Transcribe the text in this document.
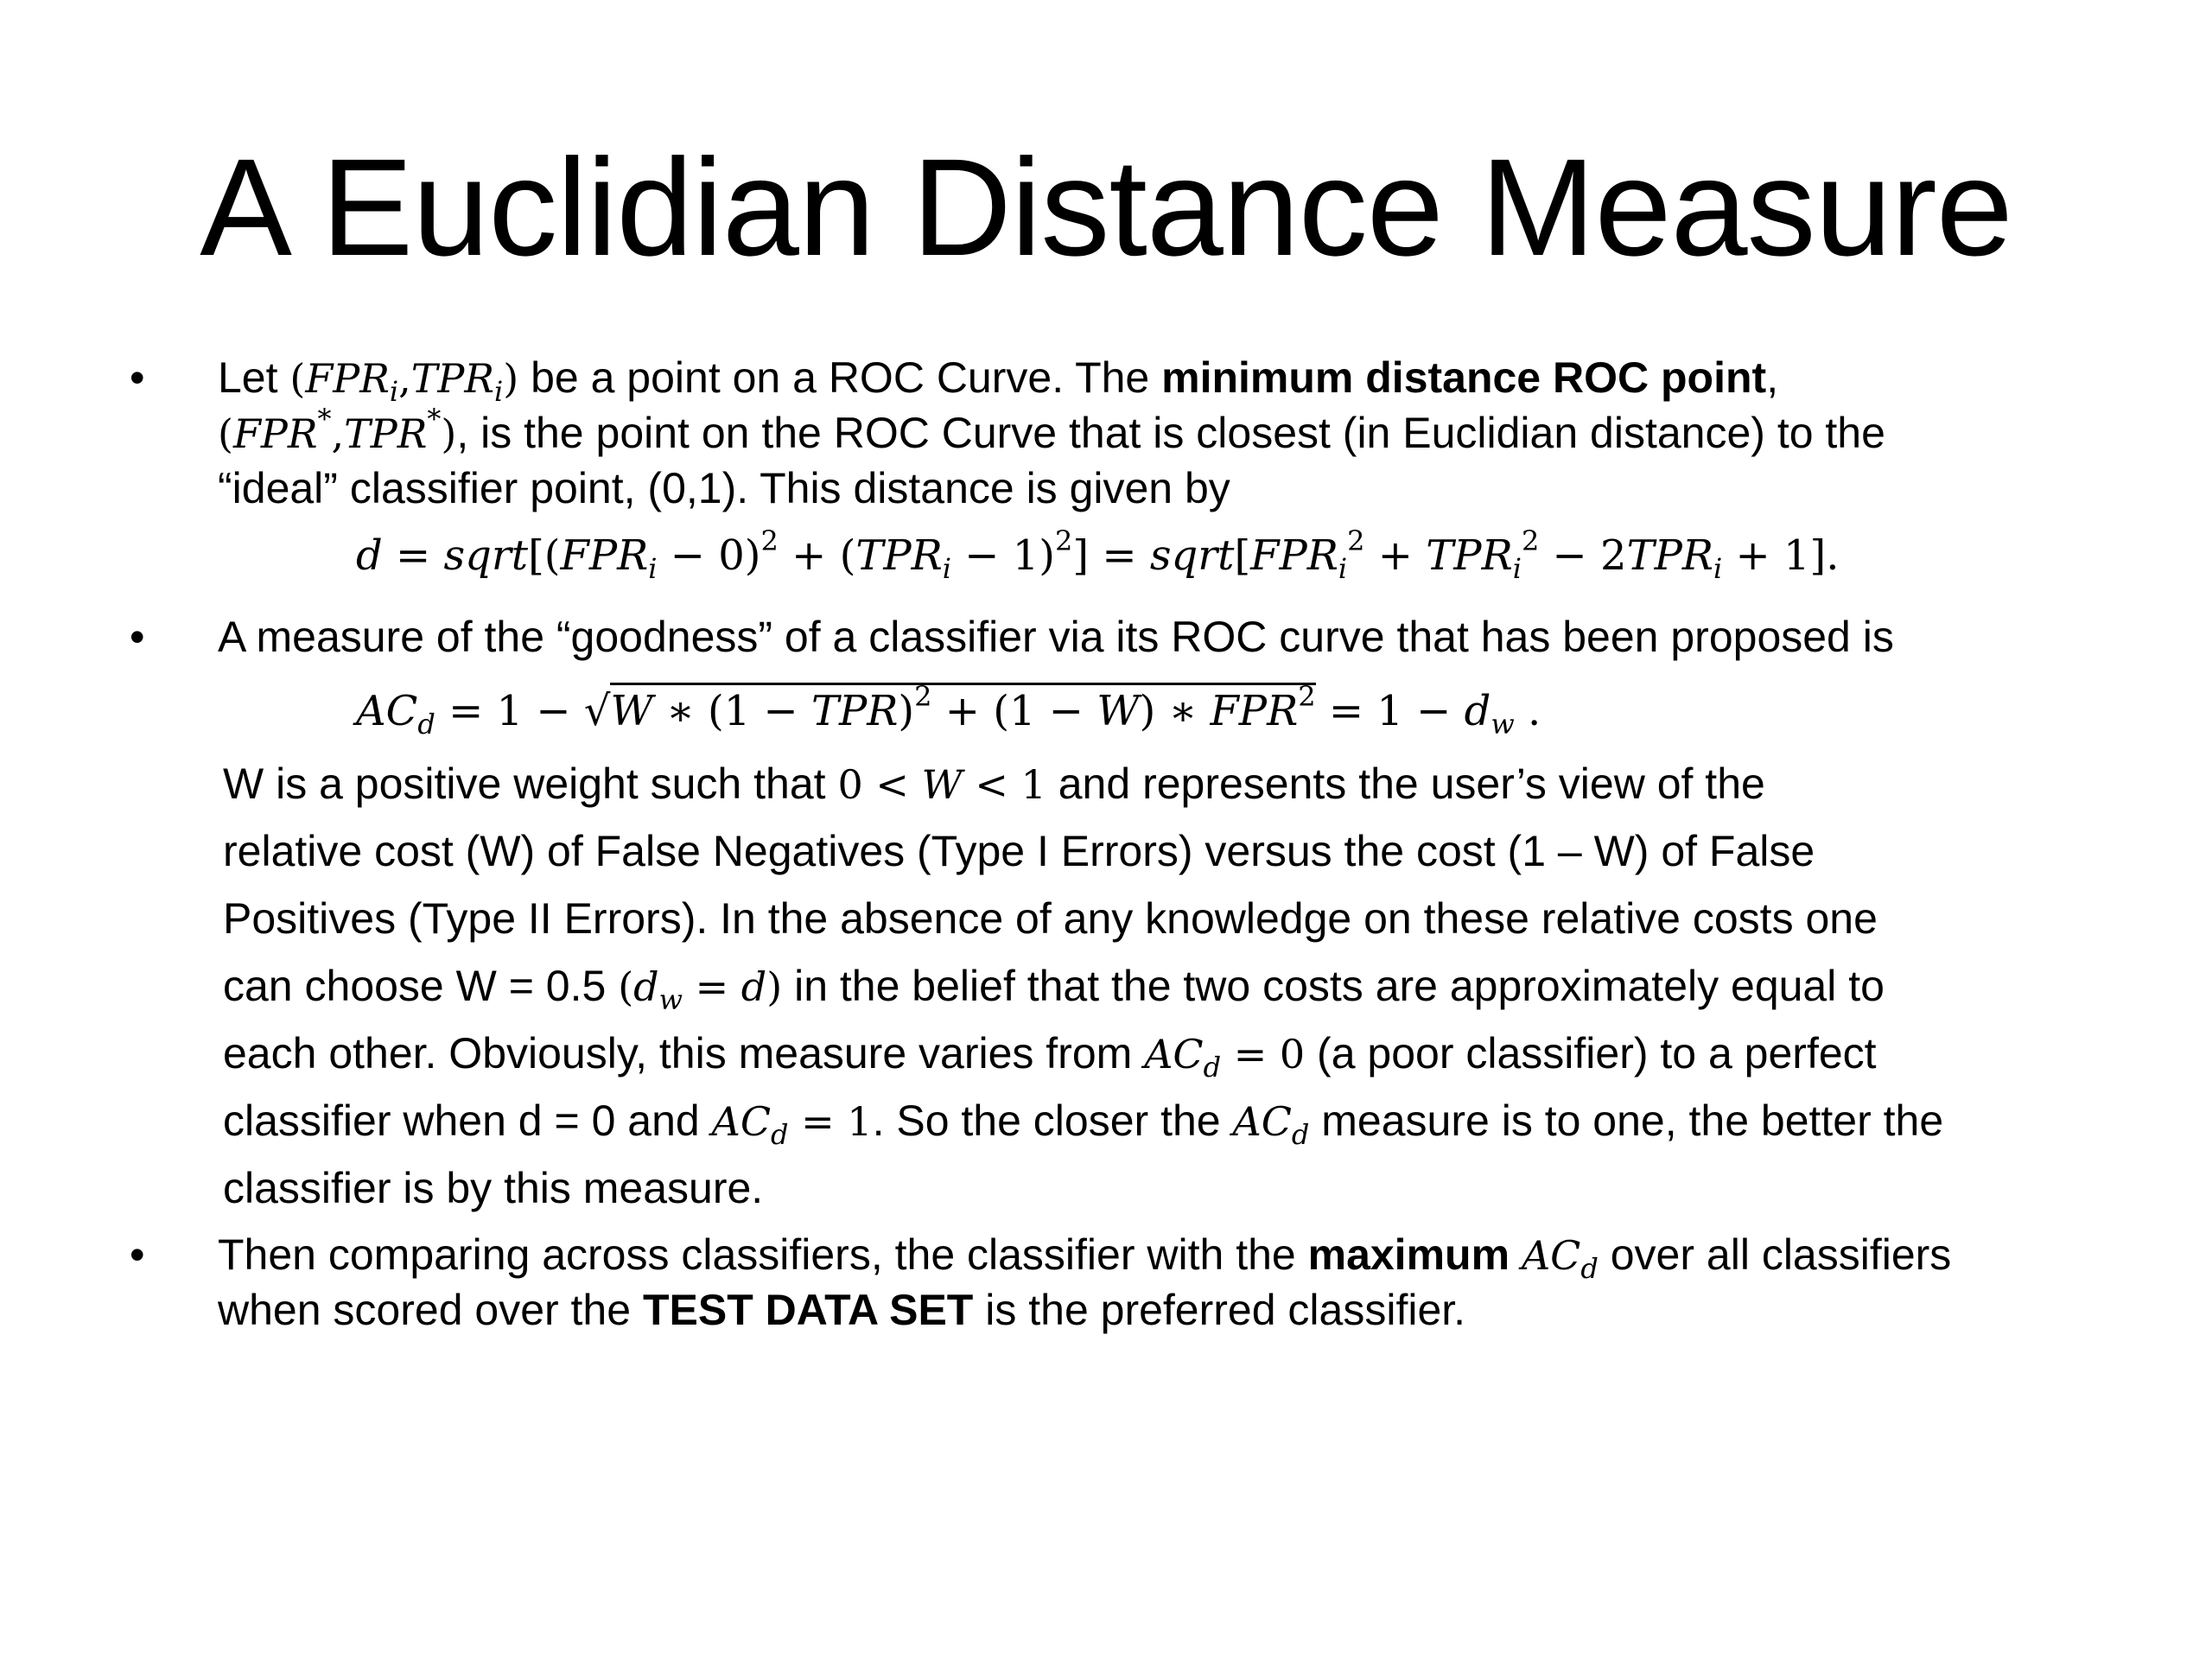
A Euclidian Distance Measure
• Let $(FPR_i,TPR_i)$ be a point on a ROC Curve. The minimum distance ROC point,
(FPR*,TPR*), is the point on the ROC Curve that is closest (in Euclidian distance) to the
“ideal” classifier point, (0,1). This distance is given by
$d = sqrt[(FPR_i - 0)^2 + (TPR_i - 1)^2]$ = $sqrt[FPR_i^2 + TPR_i^2 - 2TPR_i + 1]$.
• A measure of the “goodness” of a classifier via its ROC curve that has been proposed is
$AC_d = 1 - √W$ ∗ (1 − TPR)$^2$ + (1 − W) ∗ $FPR^2 = 1 - d_w$ .
W is a positive weight such that 0 < W < 1 and represents the user’s view of the
relative cost (W) of False Negatives (Type I Errors) versus the cost (1 – W) of False
Positives (Type II Errors). In the absence of any knowledge on these relative costs one
can choose W = 0.5 $(d_w = d)$ in the belief that the two costs are approximately equal to
each other. Obviously, this measure varies from $AC_d = 0$ (a poor classifier) to a perfect
classifier when d = 0 and $AC_d = 1$. So the closer the $AC_d$ measure is to one, the better the
classifier is by this measure.
• Then comparing across classifiers, the classifier with the maximum $AC_d$ over all classifiers
when scored over the TEST DATA SET is the preferred classifier.
